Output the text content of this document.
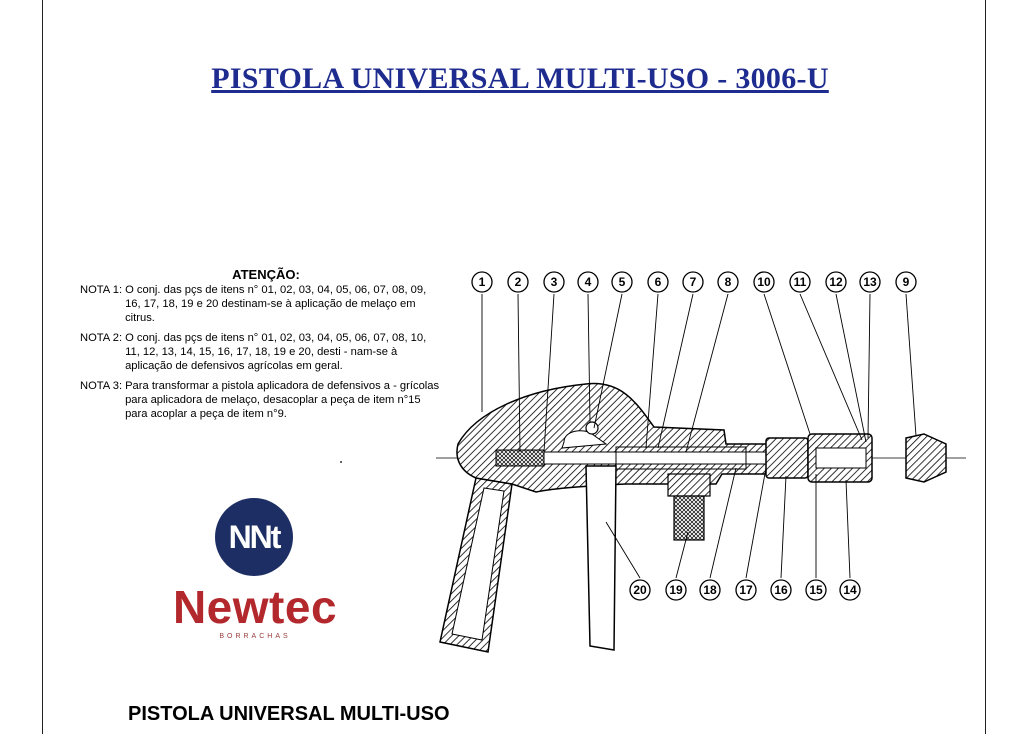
PISTOLA UNIVERSAL MULTI-USO - 3006-U
ATENÇÃO:
NOTA 1: O conj. das pçs de itens n° 01, 02, 03, 04, 05, 06, 07, 08, 09, 16, 17, 18, 19 e 20 destinam-se à aplicação de melaço em citrus.
NOTA 2: O conj. das pçs de itens n° 01, 02, 03, 04, 05, 06, 07, 08, 10, 11, 12, 13, 14, 15, 16, 17, 18, 19 e 20, desti - nam-se à aplicação de defensivos agrícolas em geral.
NOTA 3: Para transformar a pistola aplicadora de defensivos a - grícolas para aplicadora de melaço, desacoplar a peça de item n°15 para acoplar a peça de item n°9.
NNt
Newtec
BORRACHAS
1 2 3 4 5 6 7 8 10 11 12 13 9
20 19 18 17 16 15 14
PISTOLA UNIVERSAL MULTI-USO
